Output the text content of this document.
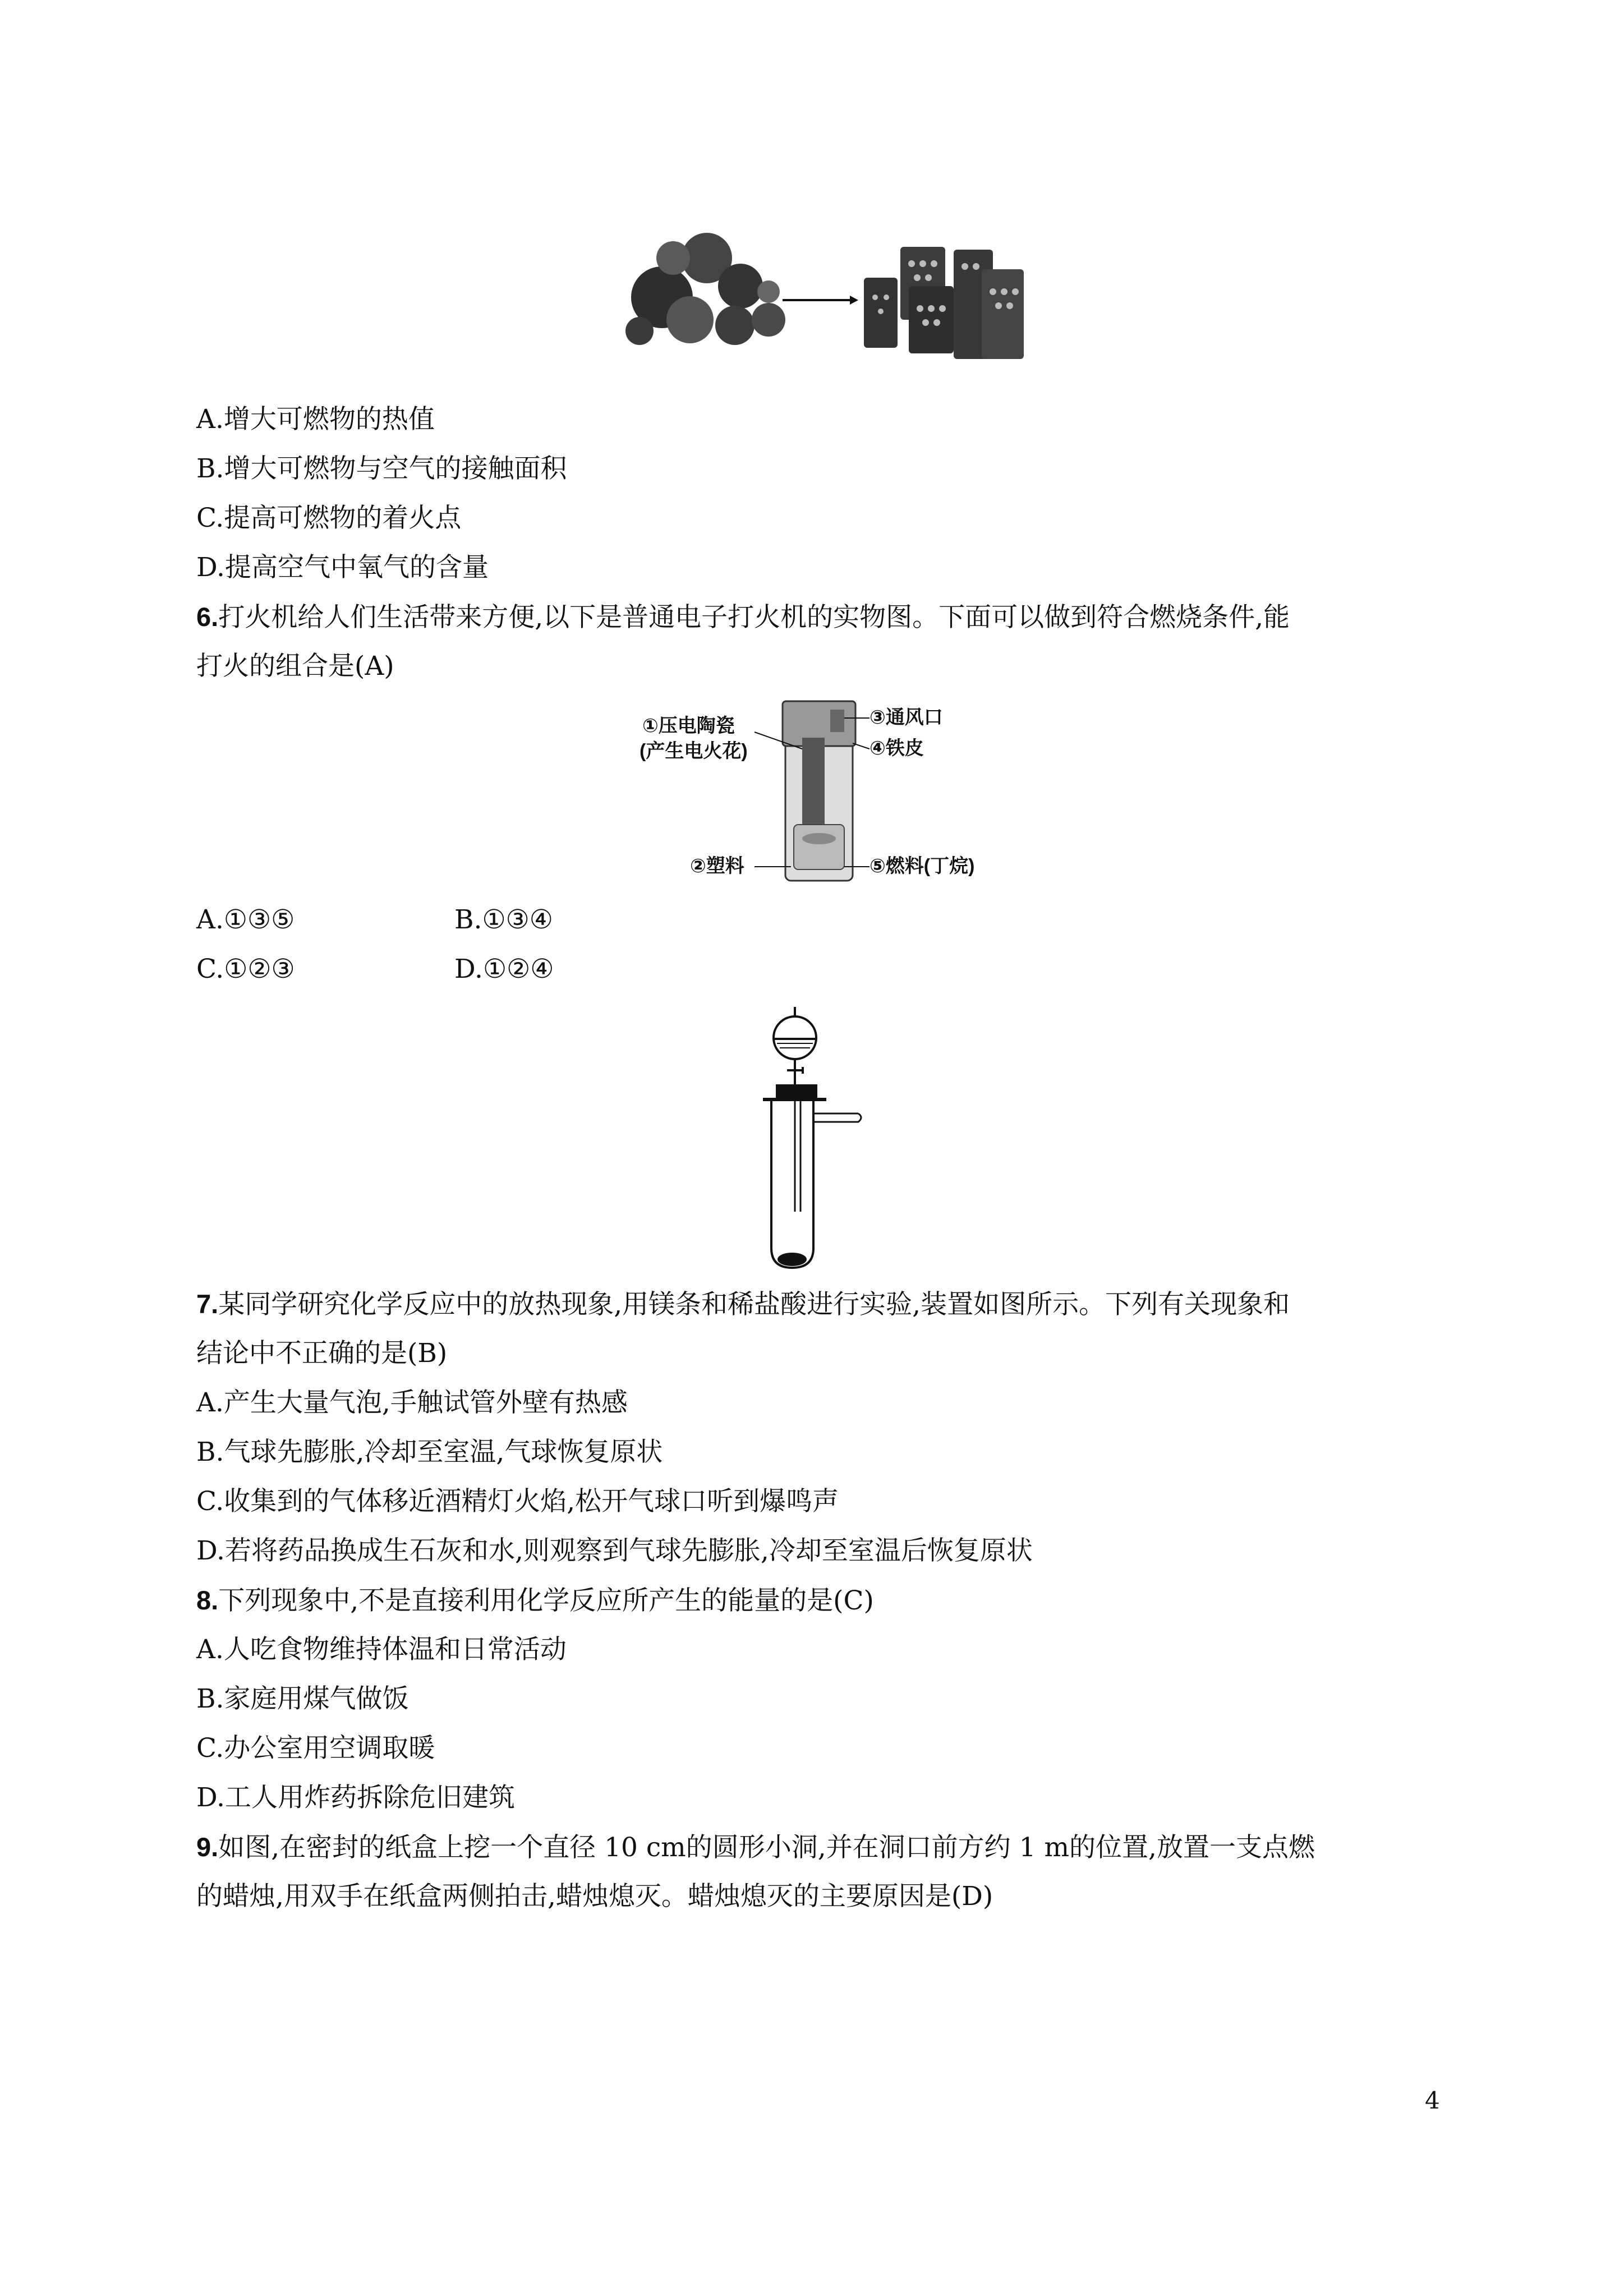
A.增大可燃物的热值
B.增大可燃物与空气的接触面积
C.提高可燃物的着火点
D.提高空气中氧气的含量
6.打火机给人们生活带来方便,以下是普通电子打火机的实物图。下面可以做到符合燃烧条件,能
打火的组合是(A)
①压电陶瓷
(产生电火花)
②塑料
③通风口
④铁皮
⑤燃料(丁烷)
A.①③⑤	B.①③④
C.①②③	D.①②④
7.某同学研究化学反应中的放热现象,用镁条和稀盐酸进行实验,装置如图所示。下列有关现象和
结论中不正确的是(B)
A.产生大量气泡,手触试管外壁有热感
B.气球先膨胀,冷却至室温,气球恢复原状
C.收集到的气体移近酒精灯火焰,松开气球口听到爆鸣声
D.若将药品换成生石灰和水,则观察到气球先膨胀,冷却至室温后恢复原状
8.下列现象中,不是直接利用化学反应所产生的能量的是(C)
A.人吃食物维持体温和日常活动
B.家庭用煤气做饭
C.办公室用空调取暖
D.工人用炸药拆除危旧建筑
9.如图,在密封的纸盒上挖一个直径 10 cm的圆形小洞,并在洞口前方约 1 m的位置,放置一支点燃
的蜡烛,用双手在纸盒两侧拍击,蜡烛熄灭。蜡烛熄灭的主要原因是(D)
4
